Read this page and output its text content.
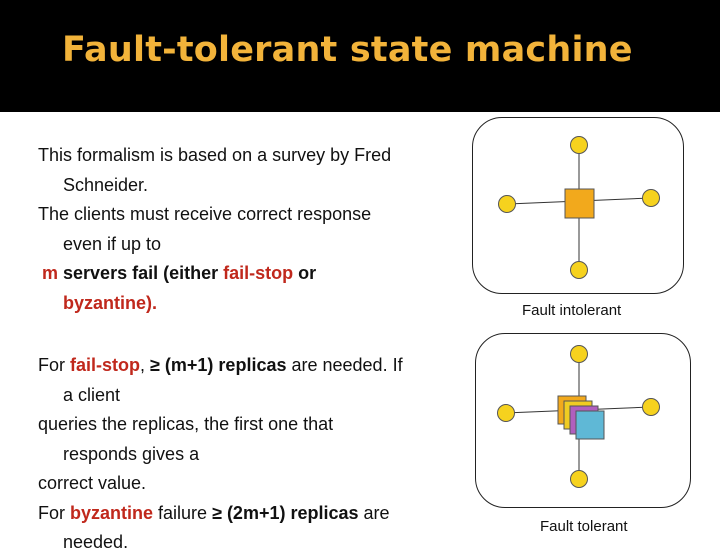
Fault-tolerant state machine
This formalism is based on a survey by Fred
Schneider.
The clients must receive correct response
even if up to
m servers fail (either fail-stop or
byzantine).
For fail-stop, ≥ (m+1) replicas are needed. If
a client
queries the replicas, the first one that
responds gives a
correct value.
For byzantine failure ≥ (2m+1) replicas are
needed.
Fault intolerant
Fault tolerant
